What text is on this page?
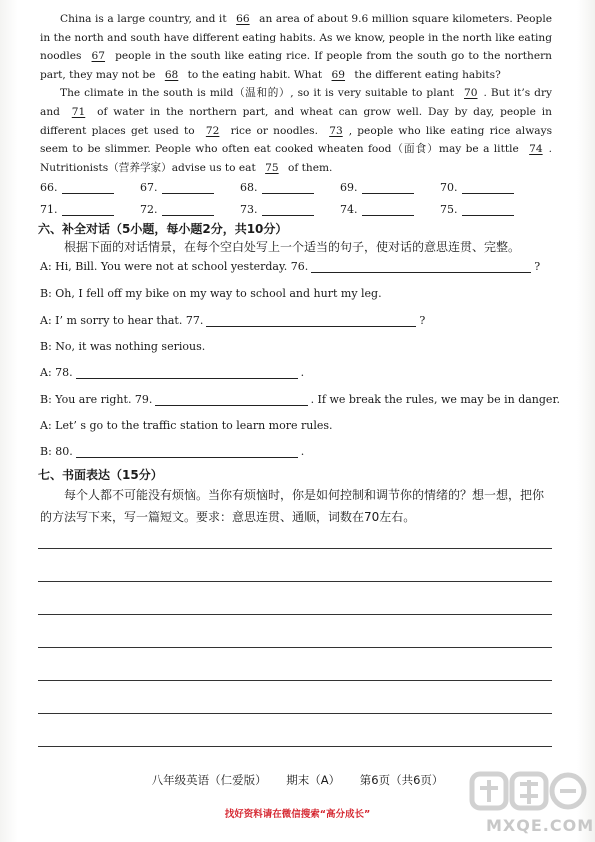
China is a large country, and it 66 an area of about 9.6 million square kilometers. People in the north and south have different eating habits. As we know, people in the north like eating noodles 67 people in the south like eating rice. If people from the south go to the northern part, they may not be 68 to the eating habit. What 69 the different eating habits?

The climate in the south is mild（温和的）, so it is very suitable to plant 70 . But it’s dry and 71 of water in the northern part, and wheat can grow well. Day by day, people in different places get used to 72 rice or noodles. 73 , people who like eating rice always seem to be slimmer. People who often eat cooked wheaten food（面食）may be a little 74 . Nutritionists（营养学家）advise us to eat 75 of them.

66.	67.	68.	69.	70.
71.	72.	73.	74.	75.
六、补全对话（5小题，每小题2分，共10分）
根据下面的对话情景，在每个空白处写上一个适当的句子，使对话的意思连贯、完整。
A: Hi, Bill. You were not at school yesterday. 76.	?
B: Oh, I fell off my bike on my way to school and hurt my leg.
A: I’ m sorry to hear that. 77.	?
B: No, it was nothing serious.
A: 78.	.
B: You are right. 79.	. If we break the rules, we may be in danger.
A: Let’ s go to the traffic station to learn more rules.
B: 80.	.
七、书面表达（15分）
每个人都不可能没有烦恼。当你有烦恼时，你是如何控制和调节你的情绪的？想一想，把你的方法写下来，写一篇短文。要求：意思连贯、通顺，词数在70左右。
八年级英语（仁爱版） 期末（A） 第6页（共6页）
找好资料请在微信搜索“高分成长”
MXQE.COM
